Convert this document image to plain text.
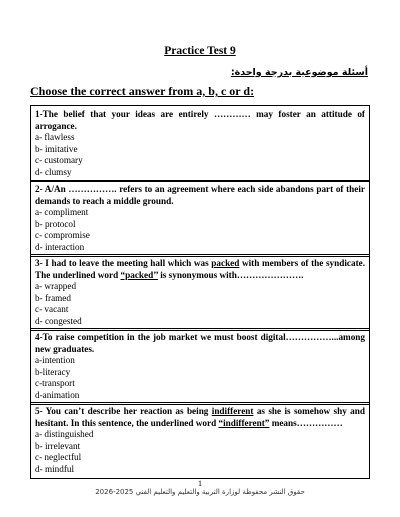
Practice Test 9
أسئلة موضوعية بدرجة واحدة:
Choose the correct answer from a, b, c or d:
1-The belief that your ideas are entirely ………… may foster an attitude of arrogance.
a- flawless
b- imitative
c- customary
d- clumsy
2- A/An ……………. refers to an agreement where each side abandons part of their demands to reach a middle ground.
a- compliment
b- protocol
c- compromise
d- interaction
3- I had to leave the meeting hall which was packed with members of the syndicate. The underlined word “packed’’ is synonymous with………………….
a- wrapped
b- framed
c- vacant
d- congested
4-To raise competition in the job market we must boost digital……………...among new graduates.
a-intention
b-literacy
c-transport
d-animation
5- You can’t describe her reaction as being indifferent as she is somehow shy and hesitant. In this sentence, the underlined word “indifferent” means……………
a- distinguished
b- irrelevant
c- neglectful
d- mindful
1
حقوق النشر محفوظة لوزارة التربية والتعليم والتعليم الفني 2025-2026
